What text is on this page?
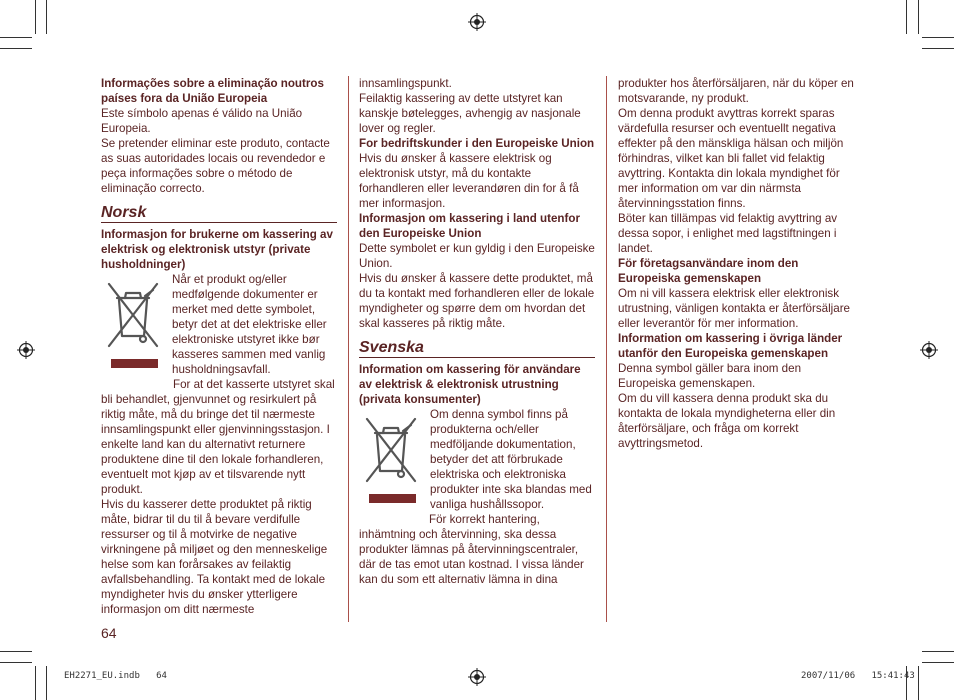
Informações sobre a eliminação noutros países fora da União Europeia

Este símbolo apenas é válido na União Europeia.

Se pretender eliminar este produto, contacte as suas autoridades locais ou revendedor e peça informações sobre o método de eliminação correcto.

Norsk

Informasjon for brukerne om kassering av elektrisk og elektronisk utstyr (private husholdninger)

Når et produkt og/eller medfølgende dokumenter er merket med dette symbolet, betyr det at det elektriske eller elektroniske utstyret ikke bør kasseres sammen med vanlig husholdningsavfall.

For at det kasserte utstyret skal bli behandlet, gjenvunnet og resirkulert på riktig måte, må du bringe det til nærmeste innsamlingspunkt eller gjenvinningsstasjon. I enkelte land kan du alternativt returnere produktene dine til den lokale forhandleren, eventuelt mot kjøp av et tilsvarende nytt produkt.

Hvis du kasserer dette produktet på riktig måte, bidrar til du til å bevare verdifulle ressurser og til å motvirke de negative virkningene på miljøet og den menneskelige helse som kan forårsakes av feilaktig avfallsbehandling. Ta kontakt med de lokale myndigheter hvis du ønsker ytterligere informasjon om ditt nærmeste

innsamlingspunkt.

Feilaktig kassering av dette utstyret kan kanskje bøtelegges, avhengig av nasjonale lover og regler.

For bedriftskunder i den Europeiske Union

Hvis du ønsker å kassere elektrisk og elektronisk utstyr, må du kontakte forhandleren eller leverandøren din for å få mer informasjon.

Informasjon om kassering i land utenfor den Europeiske Union

Dette symbolet er kun gyldig i den Europeiske Union.

Hvis du ønsker å kassere dette produktet, må du ta kontakt med forhandleren eller de lokale myndigheter og spørre dem om hvordan det skal kasseres på riktig måte.

Svenska

Information om kassering för användare av elektrisk & elektronisk utrustning (privata konsumenter)

Om denna symbol finns på produkterna och/eller medföljande dokumentation, betyder det att förbrukade elektriska och elektroniska produkter inte ska blandas med vanliga hushållssopor.

För korrekt hantering, inhämtning och återvinning, ska dessa produkter lämnas på återvinningscentraler, där de tas emot utan kostnad. I vissa länder kan du som ett alternativ lämna in dina

produkter hos återförsäljaren, när du köper en motsvarande, ny produkt.

Om denna produkt avyttras korrekt sparas värdefulla resurser och eventuellt negativa effekter på den mänskliga hälsan och miljön förhindras, vilket kan bli fallet vid felaktig avyttring. Kontakta din lokala myndighet för mer information om var din närmsta återvinningsstation finns.

Böter kan tillämpas vid felaktig avyttring av dessa sopor, i enlighet med lagstiftningen i landet.

För företagsanvändare inom den Europeiska gemenskapen

Om ni vill kassera elektrisk eller elektronisk utrustning, vänligen kontakta er återförsäljare eller leverantör för mer information.

Information om kassering i övriga länder utanför den Europeiska gemenskapen

Denna symbol gäller bara inom den Europeiska gemenskapen.

Om du vill kassera denna produkt ska du kontakta de lokala myndigheterna eller din återförsäljare, och fråga om korrekt avyttringsmetod.

64
EH2271_EU.indb   64	2007/11/06   15:41:43
